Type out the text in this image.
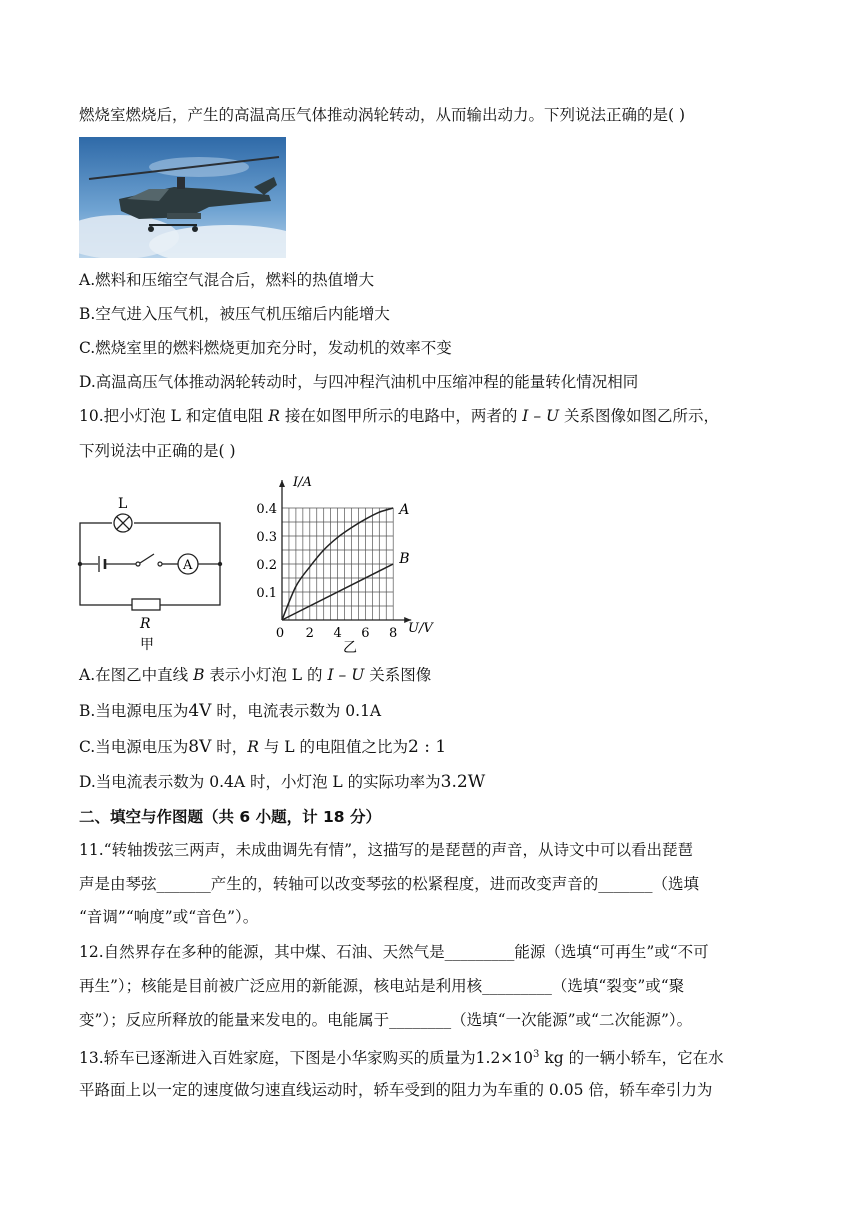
燃烧室燃烧后，产生的高温高压气体推动涡轮转动，从而输出动力。下列说法正确的是( )
A.燃料和压缩空气混合后，燃料的热值增大
B.空气进入压气机，被压气机压缩后内能增大
C.燃烧室里的燃料燃烧更加充分时，发动机的效率不变
D.高温高压气体推动涡轮转动时，与四冲程汽油机中压缩冲程的能量转化情况相同
10.把小灯泡 L 和定值电阻 R 接在如图甲所示的电路中，两者的 I – U 关系图像如图乙所示，
下列说法中正确的是( )
L
A
R
甲
A
B
0.4
0.3
0.2
0.1
0 2 4 6 8
I/A
U/V
乙
A.在图乙中直线 B 表示小灯泡 L 的 I – U 关系图像
B.当电源电压为4V 时，电流表示数为 0.1A
C.当电源电压为8V 时，R 与 L 的电阻值之比为2 : 1
D.当电流表示数为 0.4A 时，小灯泡 L 的实际功率为3.2W
二、填空与作图题（共 6 小题，计 18 分）
11.“转轴拨弦三两声，未成曲调先有情”，这描写的是琵琶的声音，从诗文中可以看出琵琶
声是由琴弦_______产生的，转轴可以改变琴弦的松紧程度，进而改变声音的_______（选填
“音调”“响度”或“音色”）。
12.自然界存在多种的能源，其中煤、石油、天然气是_________能源（选填“可再生”或“不可
再生”）；核能是目前被广泛应用的新能源，核电站是利用核_________（选填“裂变”或“聚
变”）；反应所释放的能量来发电的。电能属于________（选填“一次能源”或“二次能源”）。
13.轿车已逐渐进入百姓家庭，下图是小华家购买的质量为$1.2\times 10^3$ kg 的一辆小轿车，它在水
平路面上以一定的速度做匀速直线运动时，轿车受到的阻力为车重的 0.05 倍，轿车牵引力为
